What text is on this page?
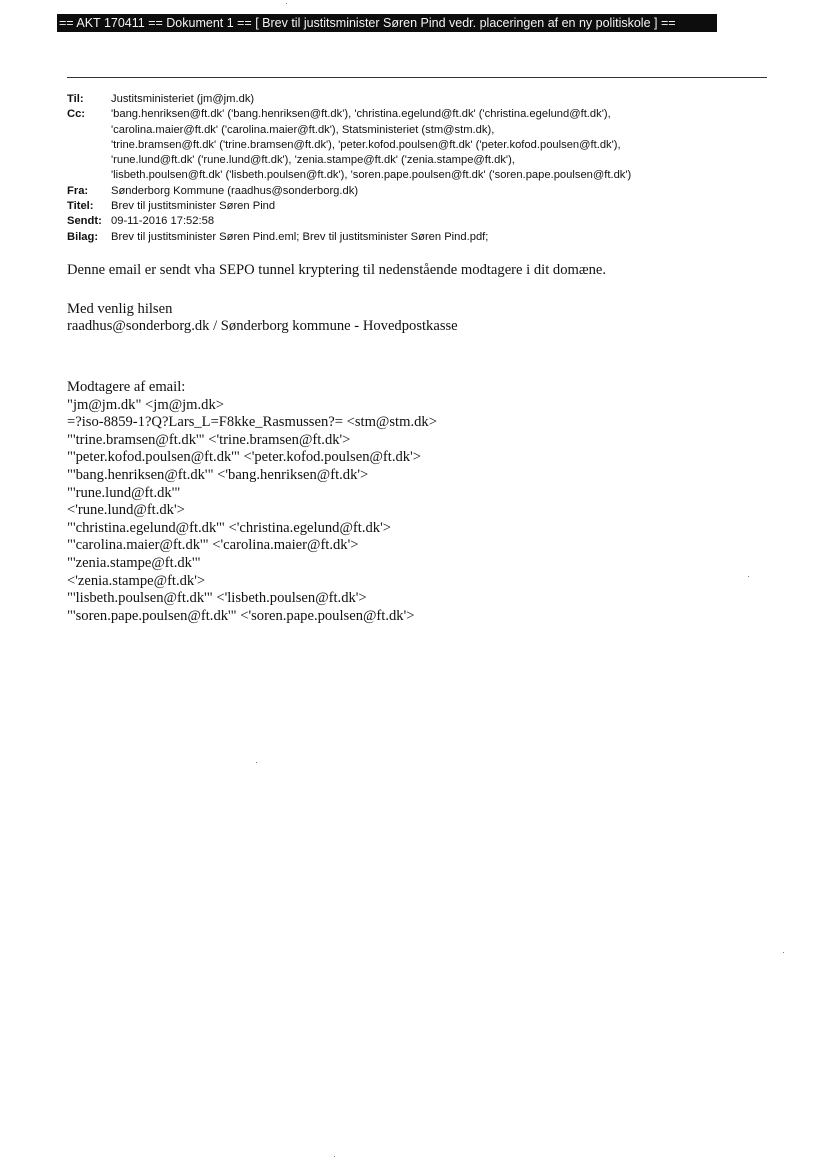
== AKT 170411 == Dokument 1 == [ Brev til justitsminister Søren Pind vedr. placeringen af en ny politiskole ] ==
Til:	Justitsministeriet (jm@jm.dk)
Cc:	'bang.henriksen@ft.dk' ('bang.henriksen@ft.dk'), 'christina.egelund@ft.dk' ('christina.egelund@ft.dk'),
'carolina.maier@ft.dk' ('carolina.maier@ft.dk'), Statsministeriet (stm@stm.dk),
'trine.bramsen@ft.dk' ('trine.bramsen@ft.dk'), 'peter.kofod.poulsen@ft.dk' ('peter.kofod.poulsen@ft.dk'),
'rune.lund@ft.dk' ('rune.lund@ft.dk'), 'zenia.stampe@ft.dk' ('zenia.stampe@ft.dk'),
'lisbeth.poulsen@ft.dk' ('lisbeth.poulsen@ft.dk'), 'soren.pape.poulsen@ft.dk' ('soren.pape.poulsen@ft.dk')
Fra:	Sønderborg Kommune (raadhus@sonderborg.dk)
Titel:	Brev til justitsminister Søren Pind
Sendt: 09-11-2016 17:52:58
Bilag:	Brev til justitsminister Søren Pind.eml; Brev til justitsminister Søren Pind.pdf;

Denne email er sendt vha SEPO tunnel kryptering til nedenstående modtagere i dit domæne.

Med venlig hilsen

raadhus@sonderborg.dk / Sønderborg kommune - Hovedpostkasse

Modtagere af email:
"jm@jm.dk" <jm@jm.dk>
=?iso-8859-1?Q?Lars_L=F8kke_Rasmussen?= <stm@stm.dk>
"'trine.bramsen@ft.dk'" <'trine.bramsen@ft.dk'>
"'peter.kofod.poulsen@ft.dk'" <'peter.kofod.poulsen@ft.dk'>
"'bang.henriksen@ft.dk'" <'bang.henriksen@ft.dk'>
"'rune.lund@ft.dk'"
<'rune.lund@ft.dk'>
"'christina.egelund@ft.dk'" <'christina.egelund@ft.dk'>
"'carolina.maier@ft.dk'" <'carolina.maier@ft.dk'>
"'zenia.stampe@ft.dk'"
<'zenia.stampe@ft.dk'>
"'lisbeth.poulsen@ft.dk'" <'lisbeth.poulsen@ft.dk'>
"'soren.pape.poulsen@ft.dk'" <'soren.pape.poulsen@ft.dk'>
